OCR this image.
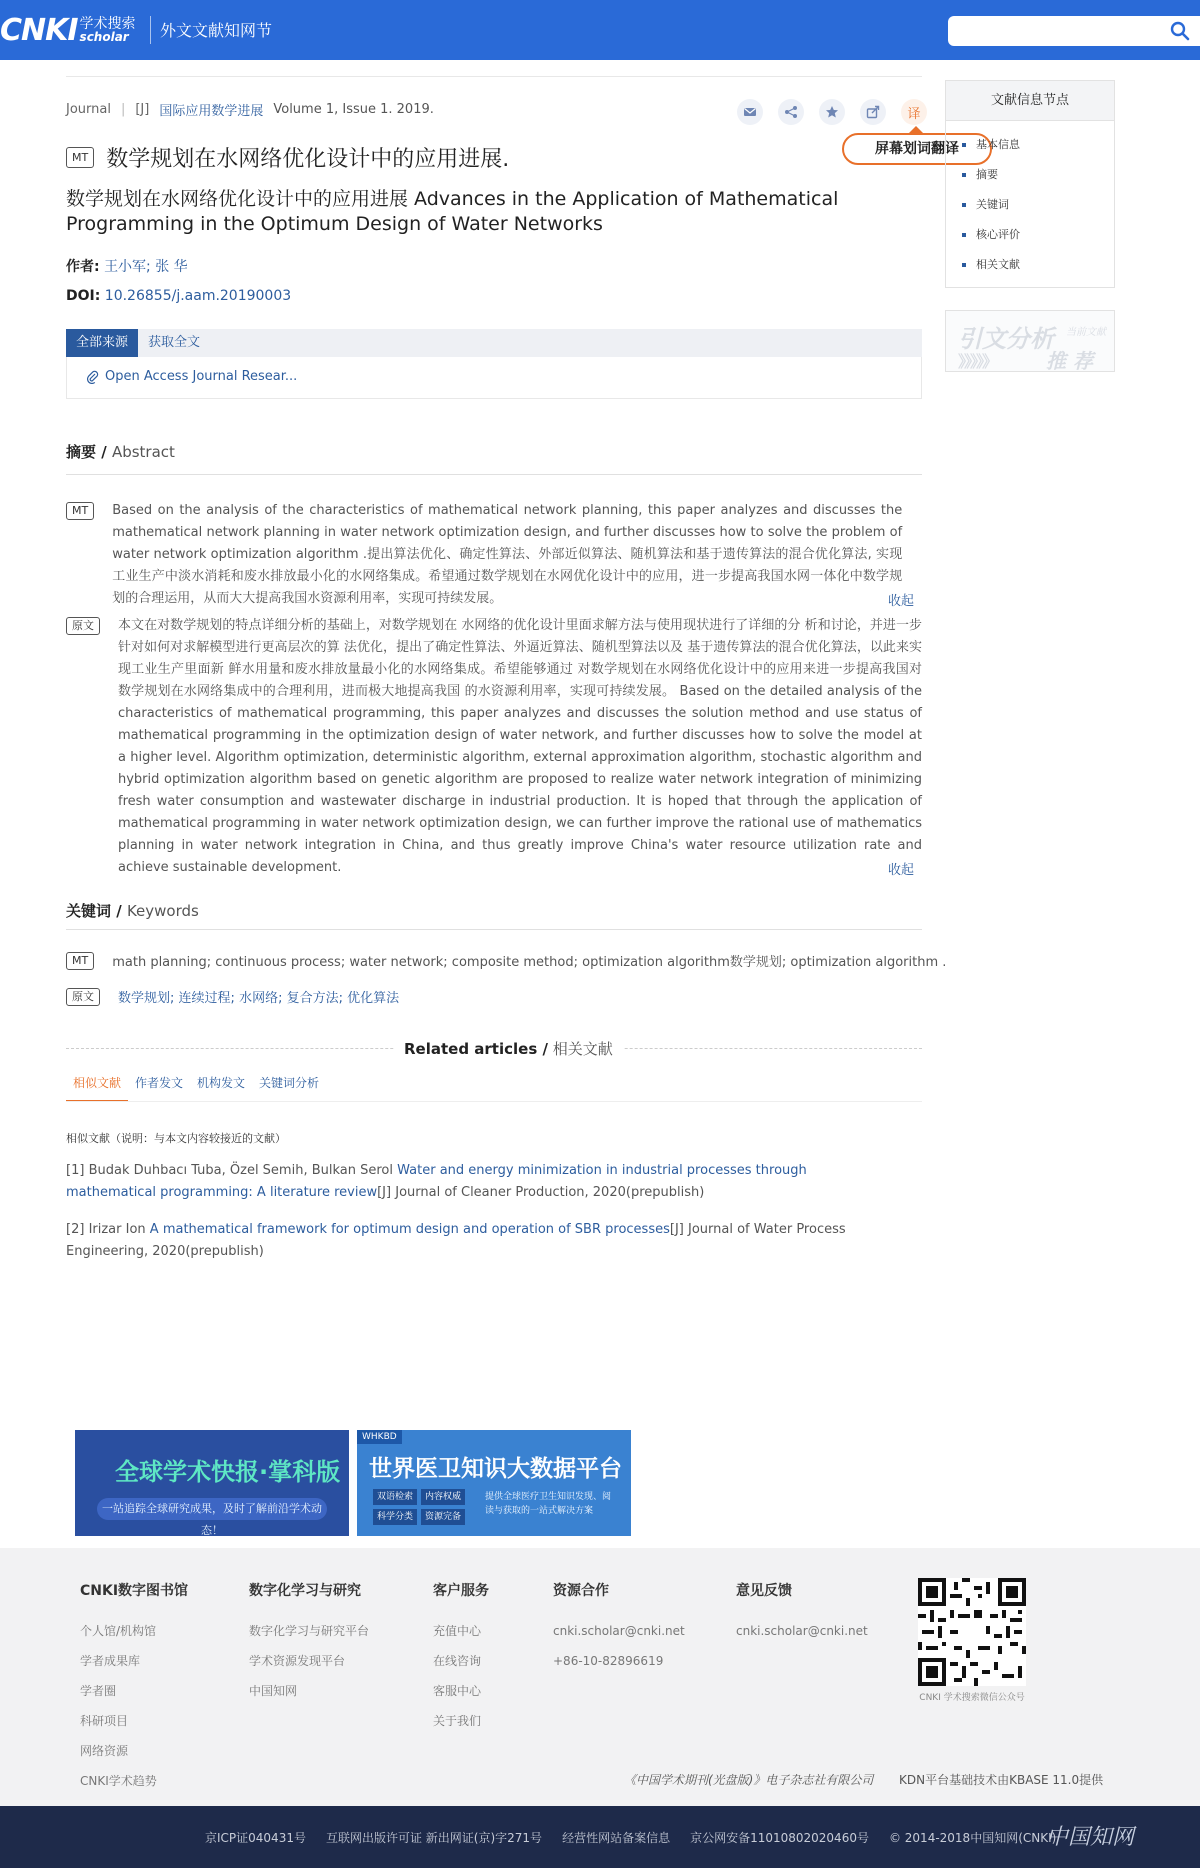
CNKI 学术搜索
scholar	外文文献知网节
Journal | [J] 国际应用数学进展 Volume 1, Issue 1. 2019.	译
屏幕划词翻译
MT 数学规划在水网络优化设计中的应用进展.
数学规划在水网络优化设计中的应用进展 Advances in the Application of Mathematical Programming in the Optimum Design of Water Networks
作者: 王小军; 张 华
DOI: 10.26855/j.aam.20190003
全部来源	获取全文
Open Access Journal Resear...
摘要 / Abstract
MT	Based on the analysis of the characteristics of mathematical network planning, this paper analyzes and discusses the mathematical network planning in water network optimization design, and further discusses how to solve the problem of water network optimization algorithm .提出算法优化、确定性算法、外部近似算法、随机算法和基于遗传算法的混合优化算法, 实现工业生产中淡水消耗和废水排放最小化的水网络集成。希望通过数学规划在水网优化设计中的应用，进一步提高我国水网一体化中数学规划的合理运用，从而大大提高我国水资源利用率，实现可持续发展。	收起
原文	本文在对数学规划的特点详细分析的基础上，对数学规划在 水网络的优化设计里面求解方法与使用现状进行了详细的分 析和讨论，并进一步针对如何对求解模型进行更高层次的算 法优化，提出了确定性算法、外逼近算法、随机型算法以及 基于遗传算法的混合优化算法，以此来实现工业生产里面新 鲜水用量和废水排放量最小化的水网络集成。希望能够通过 对数学规划在水网络优化设计中的应用来进一步提高我国对 数学规划在水网络集成中的合理利用，进而极大地提高我国 的水资源利用率，实现可持续发展。 Based on the detailed analysis of the characteristics of mathematical programming, this paper analyzes and discusses the solution method and use status of mathematical programming in the optimization design of water network, and further discusses how to solve the model at a higher level. Algorithm optimization, deterministic algorithm, external approximation algorithm, stochastic algorithm and hybrid optimization algorithm based on genetic algorithm are proposed to realize water network integration of minimizing fresh water consumption and wastewater discharge in industrial production. It is hoped that through the application of mathematical programming in water network optimization design, we can further improve the rational use of mathematics planning in water network integration in China, and thus greatly improve China's water resource utilization rate and achieve sustainable development.	收起
关键词 / Keywords
MT	math planning; continuous process; water network; composite method; optimization algorithm数学规划; optimization algorithm .
原文	数学规划; 连续过程; 水网络; 复合方法; 优化算法
Related articles / 相关文献
相似文献	作者发文	机构发文	关键词分析
相似文献（说明：与本文内容较接近的文献）
[1] Budak Duhbacı Tuba, Özel Semih, Bulkan Serol Water and energy minimization in industrial processes through mathematical programming: A literature review[J] Journal of Cleaner Production, 2020(prepublish)
[2] Irizar Ion A mathematical framework for optimum design and operation of SBR processes[J] Journal of Water Process Engineering, 2020(prepublish)
文献信息节点
基本信息
摘要
关键词
核心评价
相关文献
引文分析 当前文献
》》》》》 推 荐
全球学术快报·掌科版
一站追踪全球研究成果，及时了解前沿学术动态！
WHKBD
世界医卫知识大数据平台
双语检索	内容权威
科学分类	资源完备
提供全球医疗卫生知识发现、阅读与获取的一站式解决方案
CNKI数字图书馆
个人馆/机构馆
学者成果库
学者圈
科研项目
网络资源
CNKI学术趋势
数字化学习与研究
数字化学习与研究平台
学术资源发现平台
中国知网
客户服务
充值中心
在线咨询
客服中心
关于我们
资源合作
cnki.scholar@cnki.net
+86-10-82896619
意见反馈
cnki.scholar@cnki.net
CNKI 学术搜索微信公众号
《中国学术期刊(光盘版)》电子杂志社有限公司 KDN平台基础技术由KBASE 11.0提供
京ICP证040431号 互联网出版许可证 新出网证(京)字271号 经营性网站备案信息 京公网安备11010802020460号 © 2014-2018中国知网(CNKI)
中国知网
